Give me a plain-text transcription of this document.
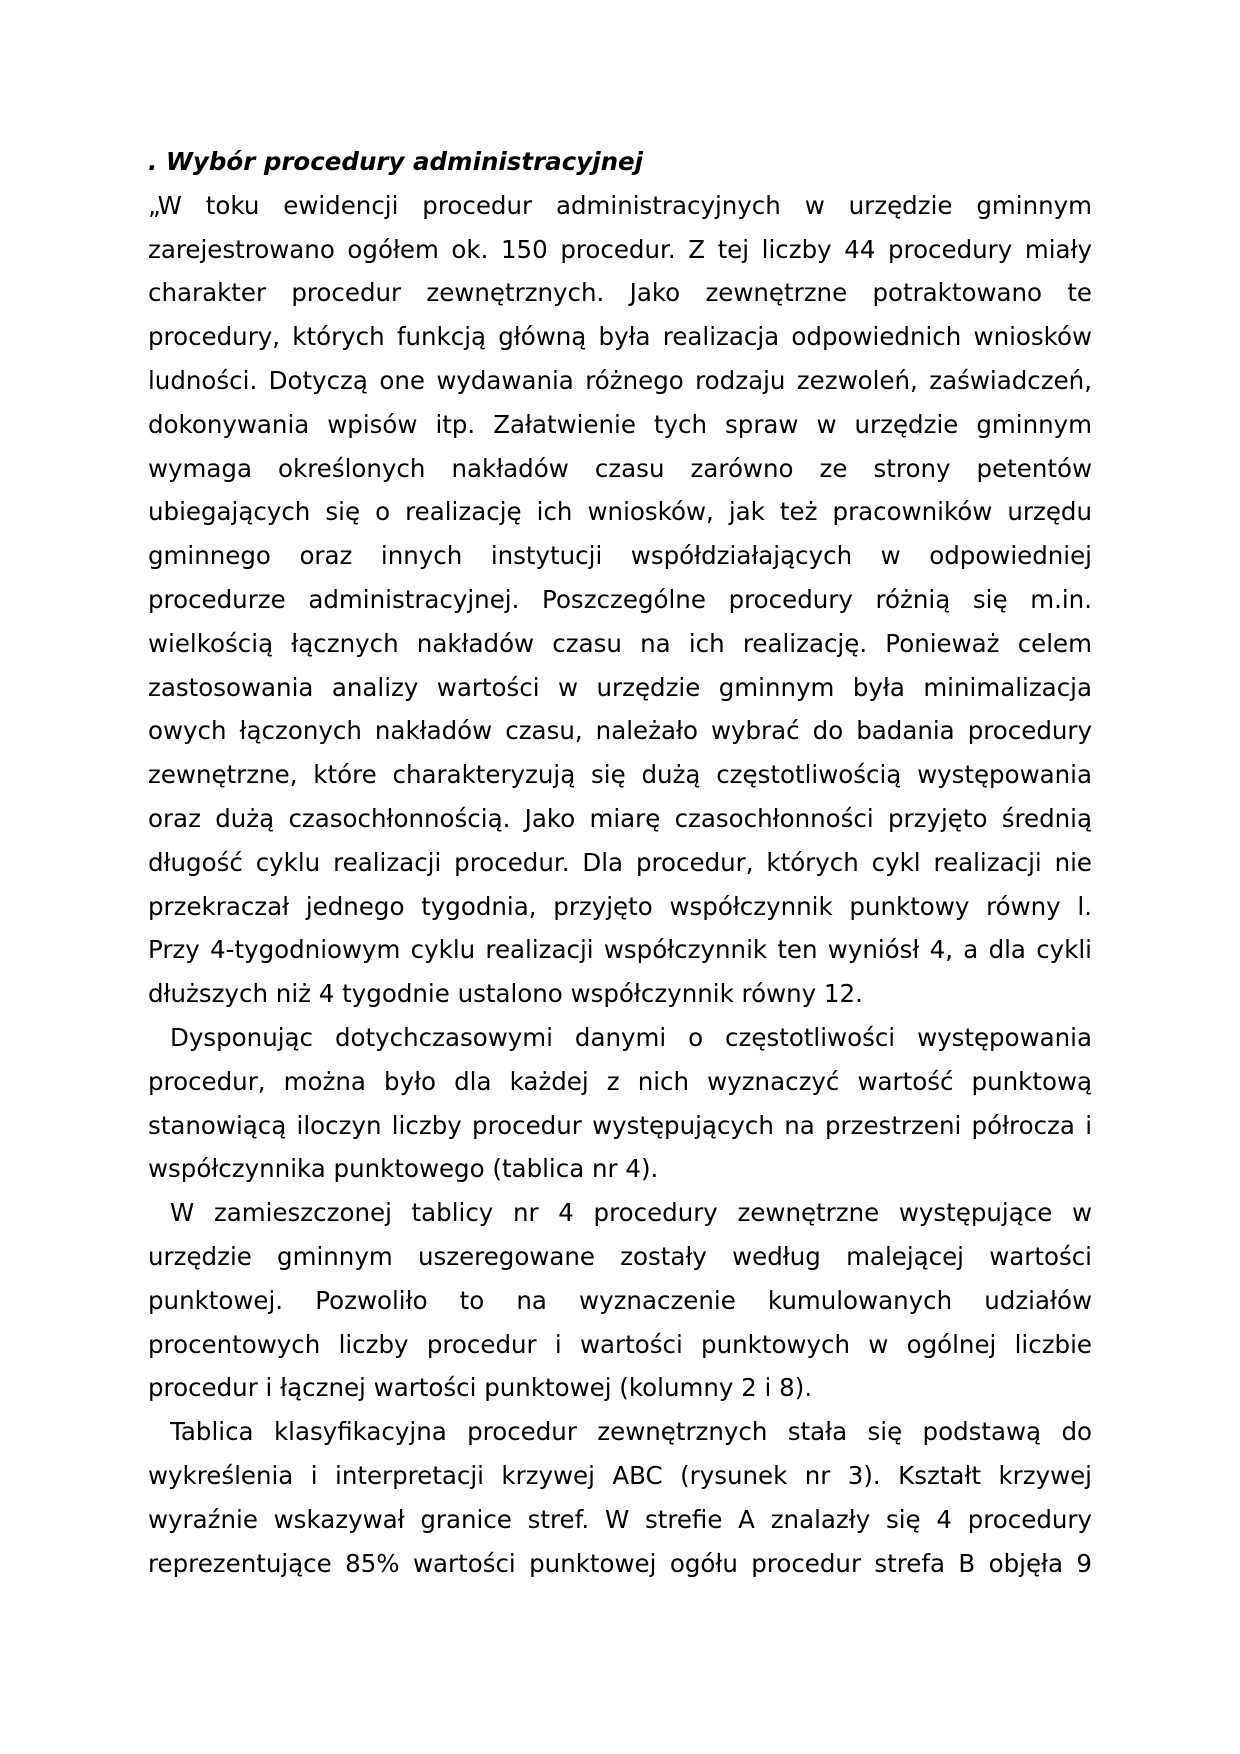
. Wybór procedury administracyjnej
„W toku ewidencji procedur administracyjnych w urzędzie gminnym
zarejestrowano ogółem ok. 150 procedur. Z tej liczby 44 procedury miały
charakter procedur zewnętrznych. Jako zewnętrzne potraktowano te
procedury, których funkcją główną była realizacja odpowiednich wniosków
ludności. Dotyczą one wydawania różnego rodzaju zezwoleń, zaświadczeń,
dokonywania wpisów itp. Załatwienie tych spraw w urzędzie gminnym
wymaga określonych nakładów czasu zarówno ze strony petentów
ubiegających się o realizację ich wniosków, jak też pracowników urzędu
gminnego oraz innych instytucji współdziałających w odpowiedniej
procedurze administracyjnej. Poszczególne procedury różnią się m.in.
wielkością łącznych nakładów czasu na ich realizację. Ponieważ celem
zastosowania analizy wartości w urzędzie gminnym była minimalizacja
owych łączonych nakładów czasu, należało wybrać do badania procedury
zewnętrzne, które charakteryzują się dużą częstotliwością występowania
oraz dużą czasochłonnością. Jako miarę czasochłonności przyjęto średnią
długość cyklu realizacji procedur. Dla procedur, których cykl realizacji nie
przekraczał jednego tygodnia, przyjęto współczynnik punktowy równy l.
Przy 4-tygodniowym cyklu realizacji współczynnik ten wyniósł 4, a dla cykli
dłuższych niż 4 tygodnie ustalono współczynnik równy 12.
Dysponując dotychczasowymi danymi o częstotliwości występowania
procedur, można było dla każdej z nich wyznaczyć wartość punktową
stanowiącą iloczyn liczby procedur występujących na przestrzeni półrocza i
współczynnika punktowego (tablica nr 4).
W zamieszczonej tablicy nr 4 procedury zewnętrzne występujące w
urzędzie gminnym uszeregowane zostały według malejącej wartości
punktowej. Pozwoliło to na wyznaczenie kumulowanych udziałów
procentowych liczby procedur i wartości punktowych w ogólnej liczbie
procedur i łącznej wartości punktowej (kolumny 2 i 8).
Tablica klasyfikacyjna procedur zewnętrznych stała się podstawą do
wykreślenia i interpretacji krzywej ABC (rysunek nr 3). Kształt krzywej
wyraźnie wskazywał granice stref. W strefie A znalazły się 4 procedury
reprezentujące 85% wartości punktowej ogółu procedur strefa B objęła 9
